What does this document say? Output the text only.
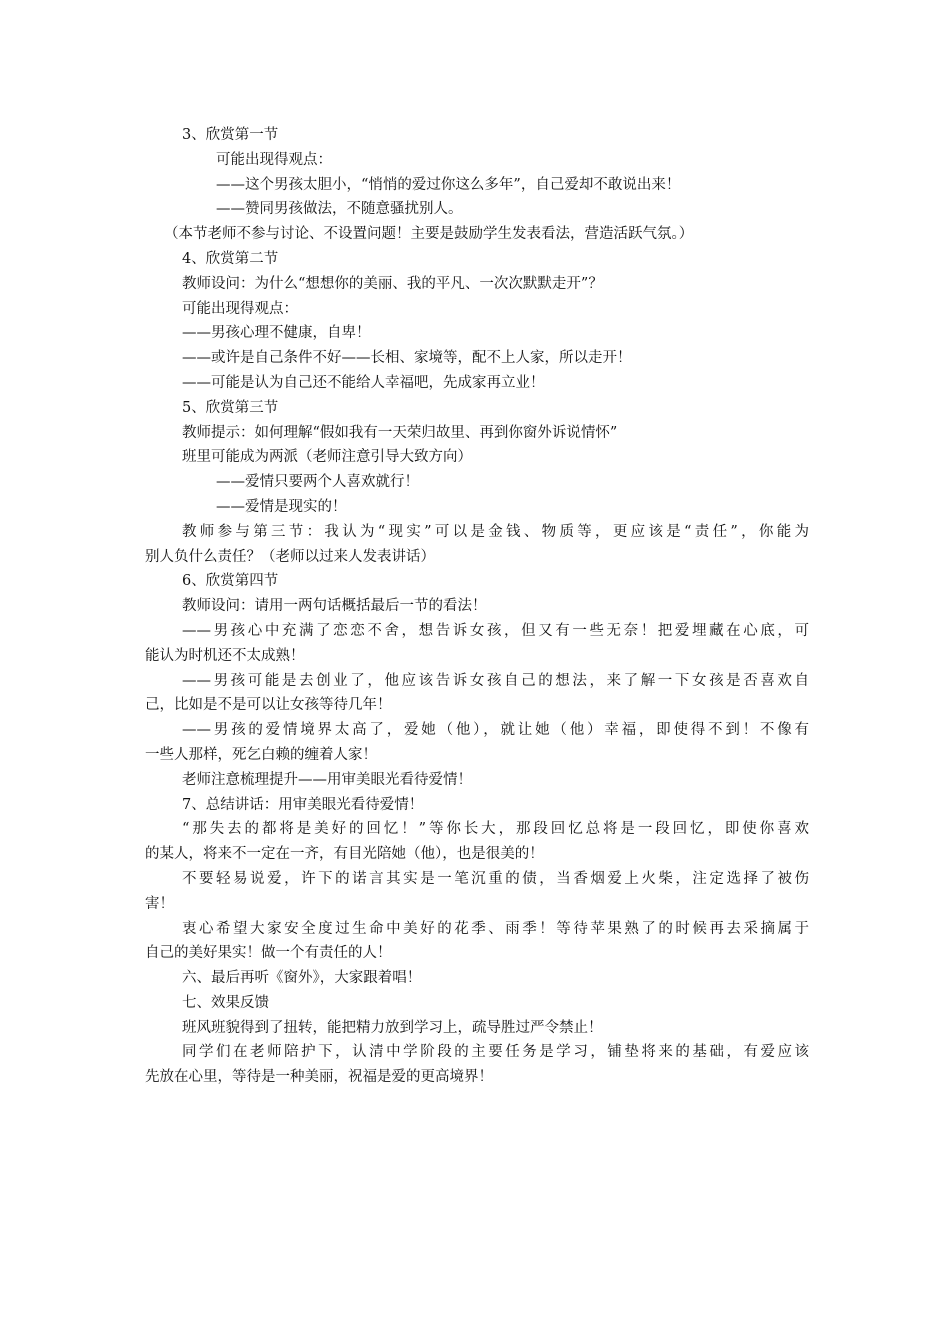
3、欣赏第一节
可能出现得观点：
——这个男孩太胆小，“悄悄的爱过你这么多年”，自己爱却不敢说出来！
——赞同男孩做法，不随意骚扰别人。
（本节老师不参与讨论、不设置问题！主要是鼓励学生发表看法，营造活跃气氛。）
4、欣赏第二节
教师设问：为什么“想想你的美丽、我的平凡、一次次默默走开”？
可能出现得观点：
——男孩心理不健康，自卑！
——或许是自己条件不好——长相、家境等，配不上人家，所以走开！
——可能是认为自己还不能给人幸福吧，先成家再立业！
5、欣赏第三节
教师提示：如何理解“假如我有一天荣归故里、再到你窗外诉说情怀”
班里可能成为两派（老师注意引导大致方向）
——爱情只要两个人喜欢就行！
——爱情是现实的！
教师参与第三节：我认为“现实”可以是金钱、物质等，更应该是“责任”，你能为
别人负什么责任？（老师以过来人发表讲话）
6、欣赏第四节
教师设问：请用一两句话概括最后一节的看法！
——男孩心中充满了恋恋不舍，想告诉女孩，但又有一些无奈！把爱埋藏在心底，可
能认为时机还不太成熟！
——男孩可能是去创业了，他应该告诉女孩自己的想法，来了解一下女孩是否喜欢自
己，比如是不是可以让女孩等待几年！
——男孩的爱情境界太高了，爱她（他），就让她（他）幸福，即使得不到！不像有
一些人那样，死乞白赖的缠着人家！
老师注意梳理提升——用审美眼光看待爱情！
7、总结讲话：用审美眼光看待爱情！
“那失去的都将是美好的回忆！”等你长大，那段回忆总将是一段回忆，即使你喜欢
的某人，将来不一定在一齐，有目光陪她（他），也是很美的！
不要轻易说爱，许下的诺言其实是一笔沉重的债，当香烟爱上火柴，注定选择了被伤
害！
衷心希望大家安全度过生命中美好的花季、雨季！等待苹果熟了的时候再去采摘属于
自己的美好果实！做一个有责任的人！
六、最后再听《窗外》，大家跟着唱！
七、效果反馈
班风班貌得到了扭转，能把精力放到学习上，疏导胜过严令禁止！
同学们在老师陪护下，认清中学阶段的主要任务是学习，铺垫将来的基础，有爱应该
先放在心里，等待是一种美丽，祝福是爱的更高境界！
